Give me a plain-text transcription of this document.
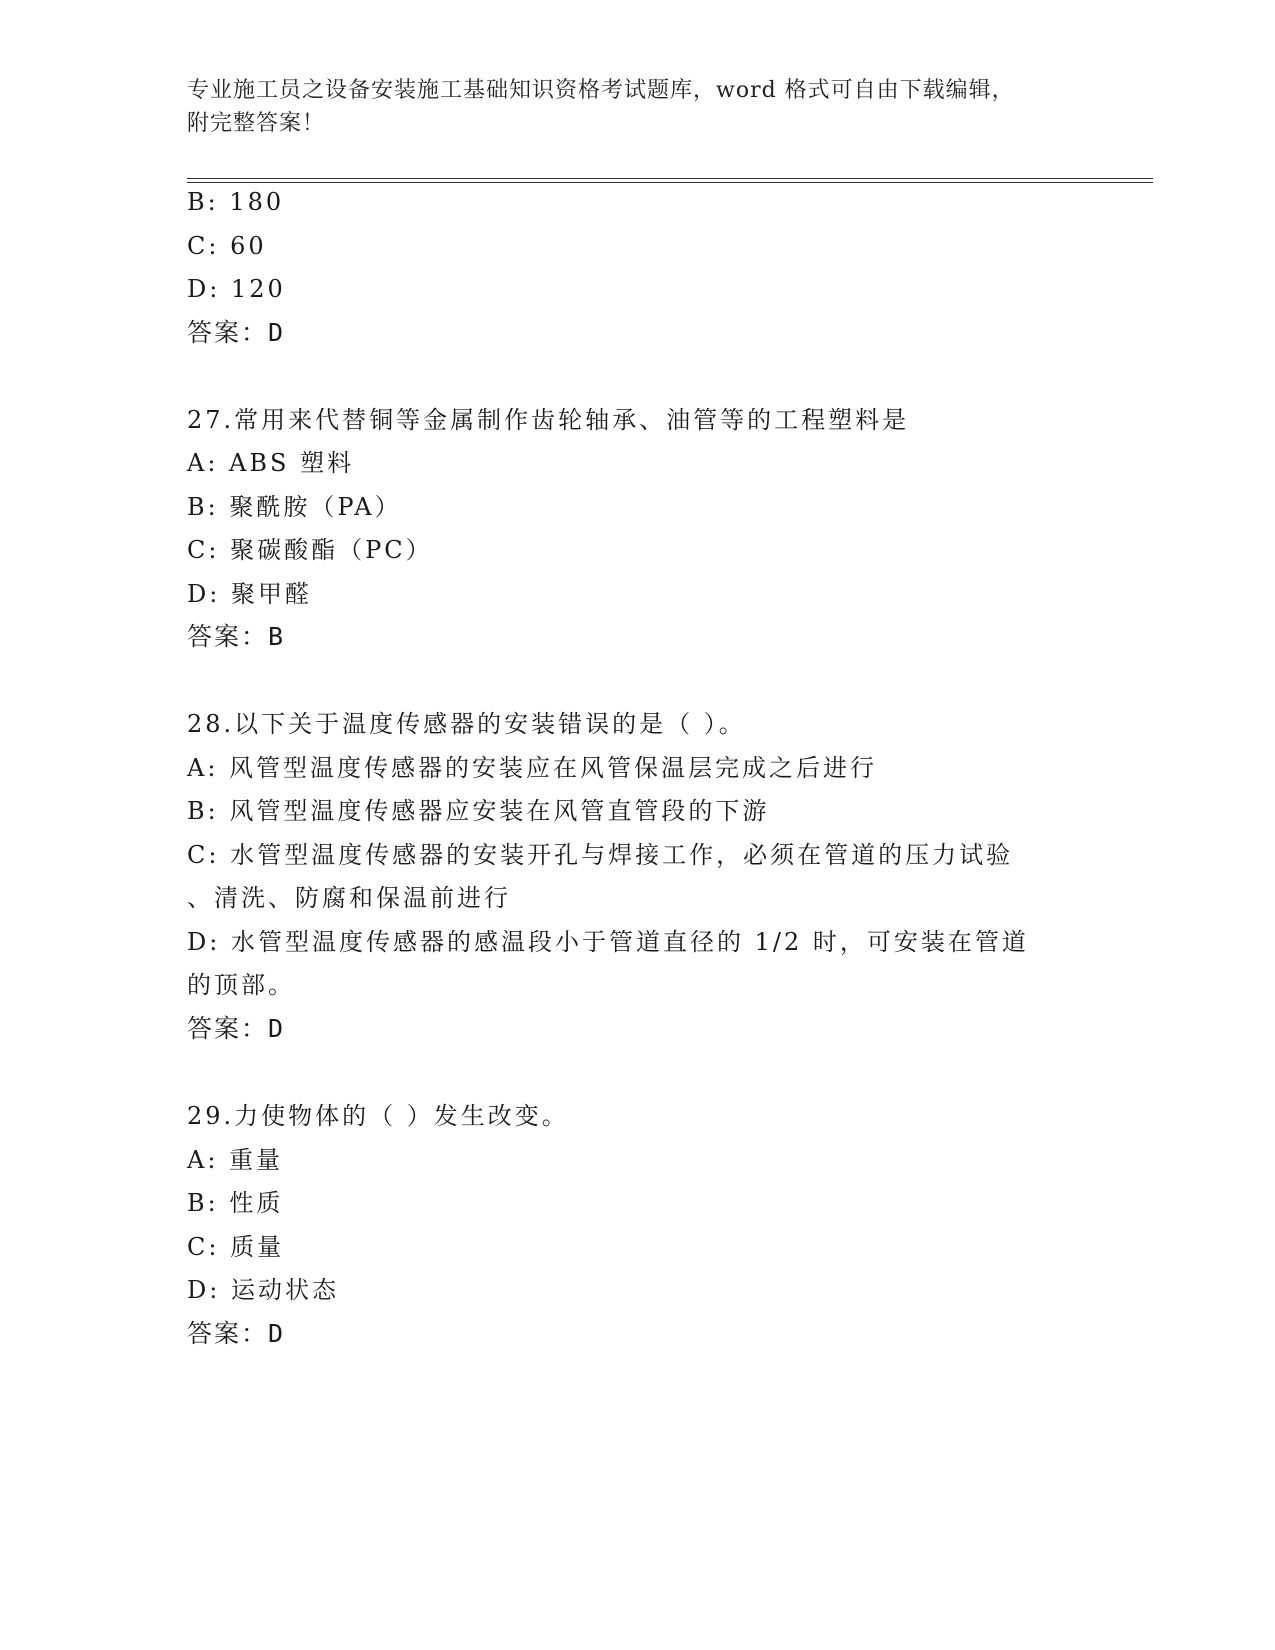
专业施工员之设备安装施工基础知识资格考试题库，word 格式可自由下载编辑，
附完整答案！
B: 180
C: 60
D: 120
答案：D
27.常用来代替铜等金属制作齿轮轴承、油管等的工程塑料是
A: ABS 塑料
B: 聚酰胺（PA）
C: 聚碳酸酯（PC）
D: 聚甲醛
答案：B
28.以下关于温度传感器的安装错误的是（ ）。
A: 风管型温度传感器的安装应在风管保温层完成之后进行
B: 风管型温度传感器应安装在风管直管段的下游
C: 水管型温度传感器的安装开孔与焊接工作，必须在管道的压力试验
、清洗、防腐和保温前进行
D: 水管型温度传感器的感温段小于管道直径的 1/2 时，可安装在管道
的顶部。
答案：D
29.力使物体的（ ）发生改变。
A: 重量
B: 性质
C: 质量
D: 运动状态
答案：D
